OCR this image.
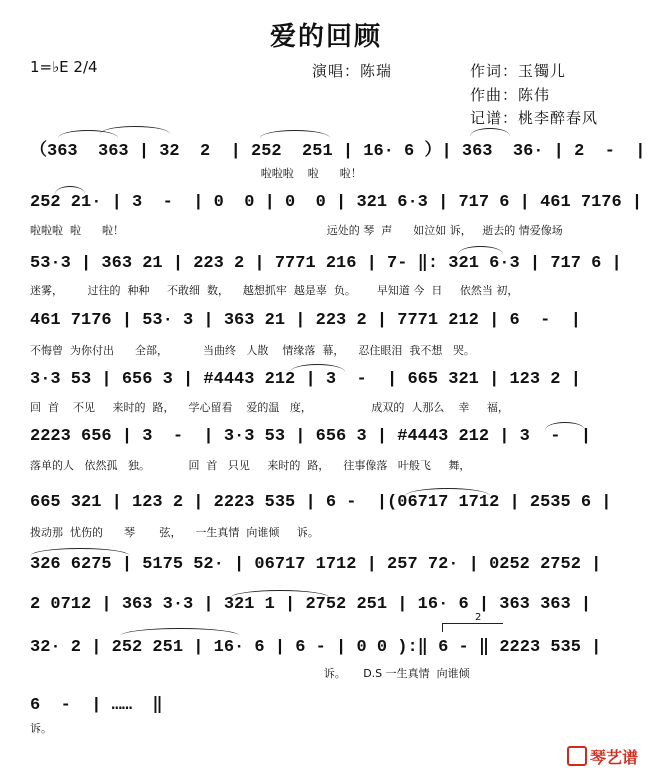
爱的回顾
1=♭E 2/4	演唱：陈瑞	作词：玉镯儿
作曲：陈伟
记谱：桃李醉春风
（363  363 | 32  2  | 252  251 | 16· 6 ）| 363  36· | 2  -  |
啦啦啦    啦      啦！
252 21· | 3  -  | 0  0 | 0  0 | 321 6·3 | 717 6 | 461 7176 |
啦啦啦  啦      啦！                                                          远处的 琴  声      如泣如 诉，   逝去的 情爱像场
53·3 | 363 21 | 223 2 | 7771 216 | 7- ‖: 321 6·3 | 717 6 |
迷雾，       过往的  种种     不敢细  数，    越想抓牢  越是辜  负。      早知道 今  日     依然当 初，
461 7176 | 53· 3 | 363 21 | 223 2 | 7771 212 | 6  -  |
不悔曾  为你付出      全部，          当曲终   人散    情缘落  幕，    忍住眼泪  我不想   哭。
3·3 53 | 656 3 | #4443 212 | 3  -  | 665 321 | 123 2 |
回  首    不见     来时的  路，    学心留看    爱的温   度，                 成双的  人那么    幸     福，
2223 656 | 3  -  | 3·3 53 | 656 3 | #4443 212 | 3  -  |
落单的人   依然孤   独。           回  首   只见     来时的  路，    往事像落   叶般飞     舞，
665 321 | 123 2 | 2223 535 | 6 -  |(06717 1712 | 2535 6 |
拨动那  忧伤的      琴       弦，    一生真情  向谁倾     诉。
326 6275 | 5175 52· | 06717 1712 | 257 72· | 0252 2752 |
2 0712 | 363 3·3 | 321 1 | 2752 251 | 16· 6 | 363 363 |
2
32· 2 | 252 251 | 16· 6 | 6 - | 0 0 ):‖ 6 - ‖ 2223 535 |
诉。     D.S 一生真情  向谁倾
6  -  | ……  ‖
诉。
琴艺谱
